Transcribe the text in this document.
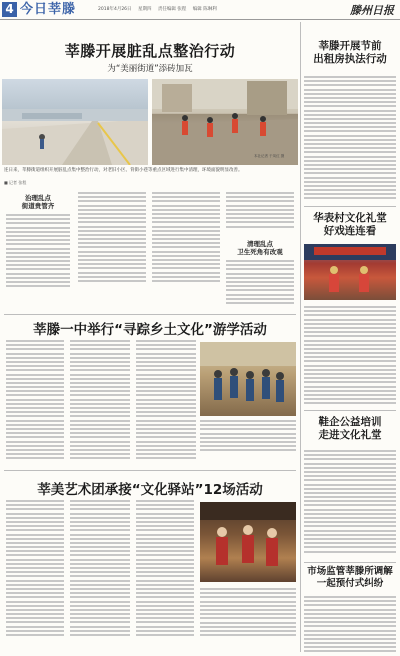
4 今日莘滕	2018年4月26日 星期四 责任编辑 张程 编辑 陈琳利	滕州日报
莘滕开展脏乱点整治行动
为“美丽街道”添砖加瓦
本社记者 于凤红 摄
连日来，莘滕街道组织开展脏乱点集中整治行动，对老旧小区、背街小巷等重点区域进行集中清理，环境面貌明显改善。
■ 记者 张程
治理乱点
街道贵管齐
清理乱点
卫生死角有改观
莘滕一中举行“寻踪乡土文化”游学活动
莘美艺术团承接“文化驿站”12场活动
莘滕开展节前
出租房执法行动
华表村文化礼堂
好戏连连看
鞋企公益培训
走进文化礼堂
市场监管莘滕所调解
一起预付式纠纷
